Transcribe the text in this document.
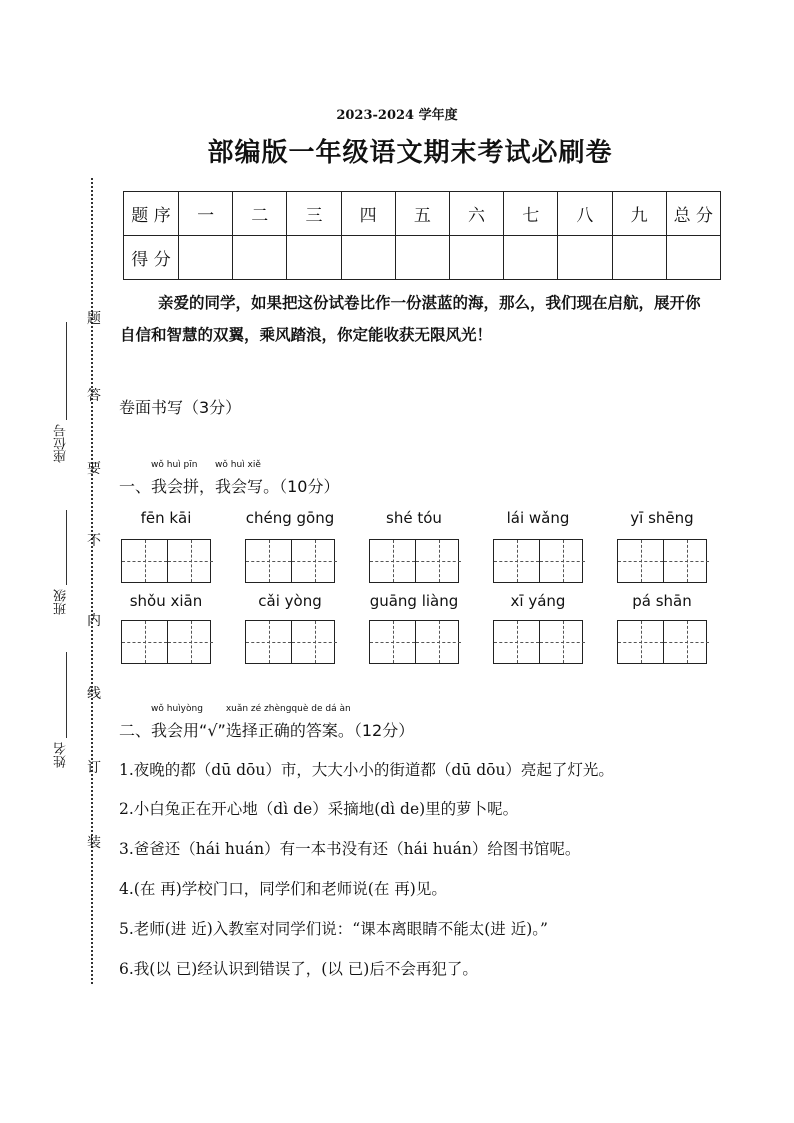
2023-2024 学年度
部编版一年级语文期末考试必刷卷
题 序	一	二	三	四	五	六	七	八	九	总 分
得 分										
亲爱的同学，如果把这份试卷比作一份湛蓝的海，那么，我们现在启航，展开你自信和智慧的双翼，乘风踏浪，你定能收获无限风光！
题
答
要
不
内
线
订
装
座位号
班级
姓名
卷面书写（3分）
一、
wǒ huì pīn
我会拼，
wǒ huì xiě
我会写。（10分）
fēn kāi	chéng gōng	shé tóu	lái wǎng	yī shēng
shǒu xiān	cǎi yòng	guāng liàng	xī yáng	pá shān
二、
wǒ huìyòng
我会用“√”
xuǎn zé zhèngquè de dá àn
选择正确的答案。（12分）
1.夜晚的都（dū dōu）市，大大小小的街道都（dū dōu）亮起了灯光。
2.小白兔正在开心地（dì de）采摘地(dì de)里的萝卜呢。
3.爸爸还（hái huán）有一本书没有还（hái huán）给图书馆呢。
4.(在 再)学校门口，同学们和老师说(在 再)见。
5.老师(进 近)入教室对同学们说：“课本离眼睛不能太(进 近)。”
6.我(以 已)经认识到错误了，(以 已)后不会再犯了。
